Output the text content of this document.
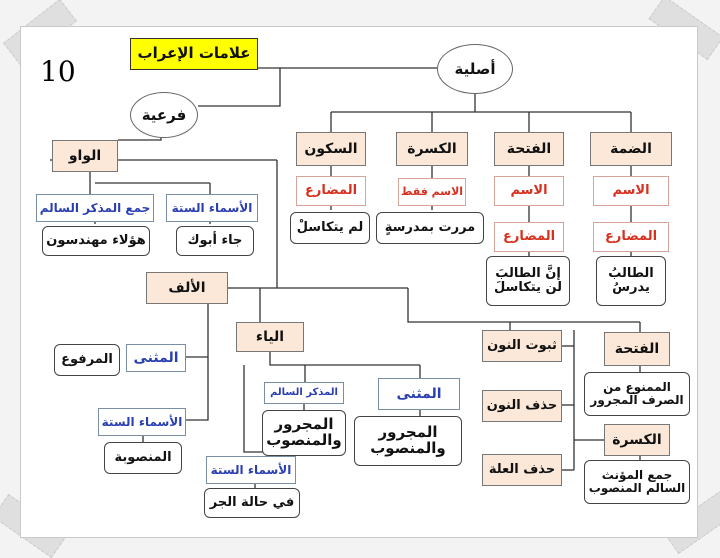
10
علامات الإعراب
أصلية
فرعية
الضمة
الفتحة
الكسرة
السكون
الاسم
الاسم
الاسم فقط
المضارع
المضارع
المضارع
لم يتكاسلْ	مررت بمدرسةٍ
إنَّ الطالبَ لن يتكاسلَ
الطالبُ يدرسُ
الواو
الأسماء الستة
جمع المذكر السالم
جاء أبوك
هؤلاء مهندسون
الألف
المثنى
المرفوع
الأسماء الستة
المنصوبة
الياء
المثنى
المجرور والمنصوب
المذكر السالم
المجرور والمنصوب
الأسماء الستة
في حالة الجر
ثبوت النون
حذف النون
حذف العلة
الفتحة
الممنوع من الصرف المجرور
الكسرة
جمع المؤنث السالم المنصوب
